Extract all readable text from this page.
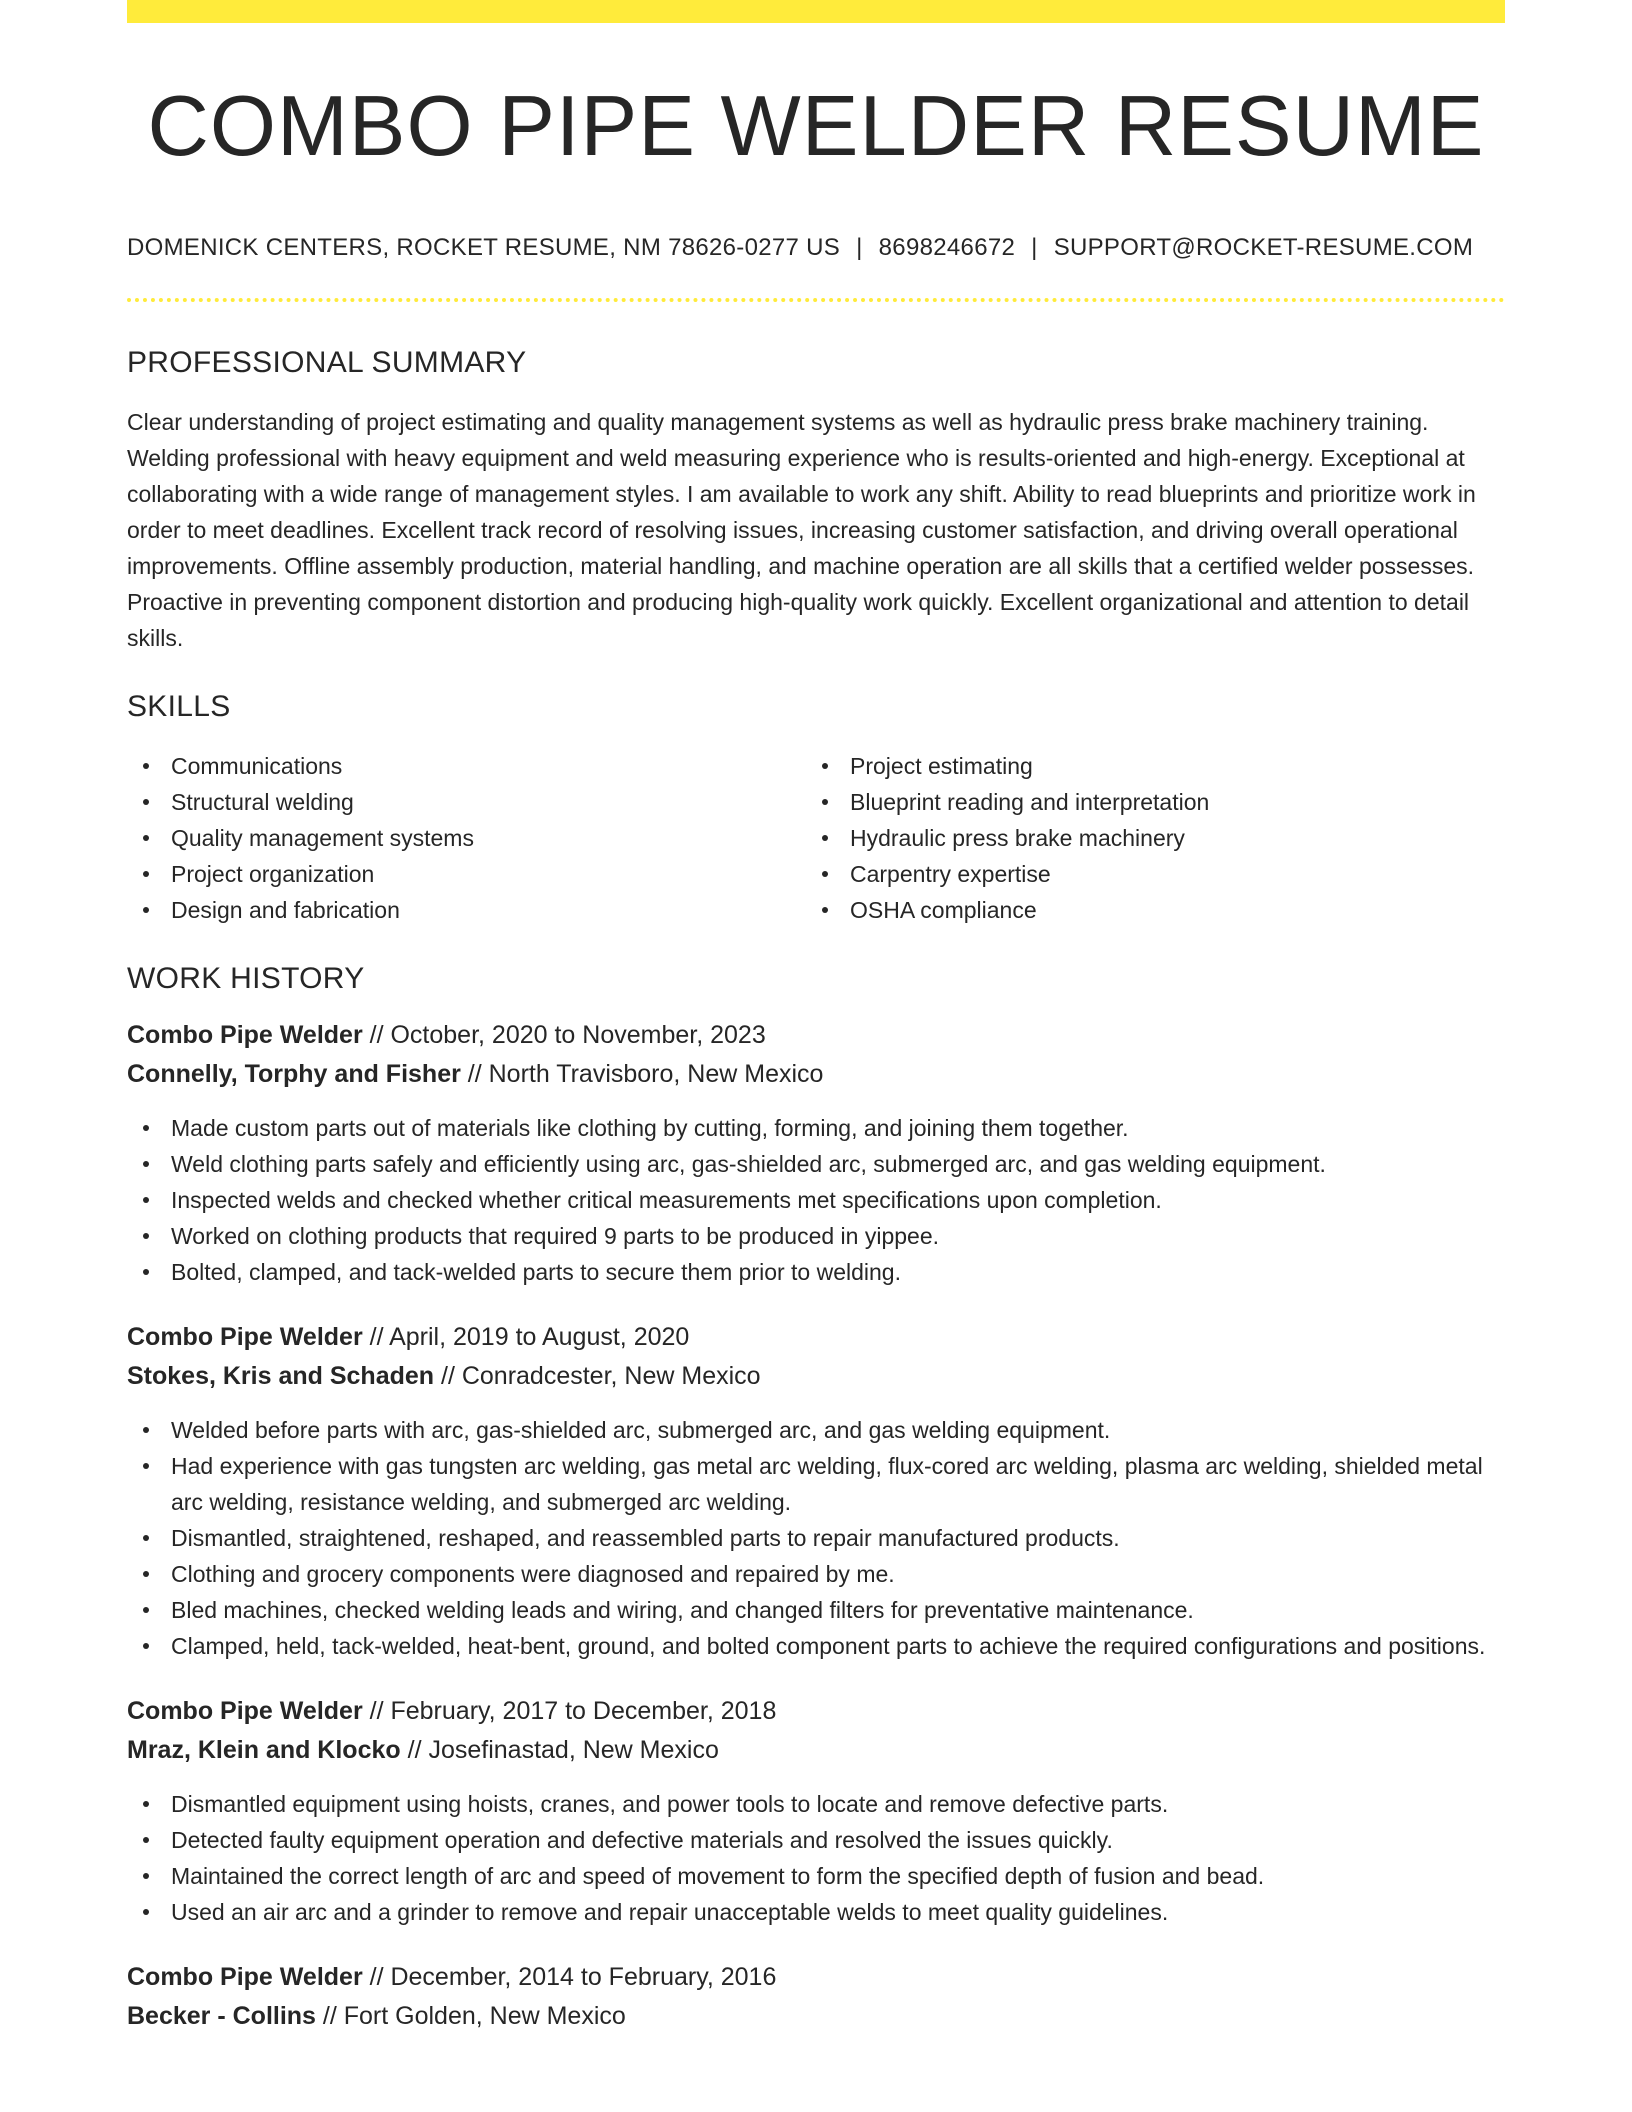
COMBO PIPE WELDER RESUME
DOMENICK CENTERS, ROCKET RESUME, NM 78626-0277 US | 8698246672 | SUPPORT@ROCKET-RESUME.COM
PROFESSIONAL SUMMARY

Clear understanding of project estimating and quality management systems as well as hydraulic press brake machinery training. Welding professional with heavy equipment and weld measuring experience who is results-oriented and high-energy. Exceptional at collaborating with a wide range of management styles. I am available to work any shift. Ability to read blueprints and prioritize work in order to meet deadlines. Excellent track record of resolving issues, increasing customer satisfaction, and driving overall operational improvements. Offline assembly production, material handling, and machine operation are all skills that a certified welder possesses. Proactive in preventing component distortion and producing high-quality work quickly. Excellent organizational and attention to detail skills.

SKILLS
Communications
Structural welding
Quality management systems
Project organization
Design and fabrication
Project estimating
Blueprint reading and interpretation
Hydraulic press brake machinery
Carpentry expertise
OSHA compliance
WORK HISTORY
Combo Pipe Welder // October, 2020 to November, 2023
Connelly, Torphy and Fisher // North Travisboro, New Mexico
Made custom parts out of materials like clothing by cutting, forming, and joining them together.
Weld clothing parts safely and efficiently using arc, gas-shielded arc, submerged arc, and gas welding equipment.
Inspected welds and checked whether critical measurements met specifications upon completion.
Worked on clothing products that required 9 parts to be produced in yippee.
Bolted, clamped, and tack-welded parts to secure them prior to welding.
Combo Pipe Welder // April, 2019 to August, 2020
Stokes, Kris and Schaden // Conradcester, New Mexico
Welded before parts with arc, gas-shielded arc, submerged arc, and gas welding equipment.
Had experience with gas tungsten arc welding, gas metal arc welding, flux-cored arc welding, plasma arc welding, shielded metal arc welding, resistance welding, and submerged arc welding.
Dismantled, straightened, reshaped, and reassembled parts to repair manufactured products.
Clothing and grocery components were diagnosed and repaired by me.
Bled machines, checked welding leads and wiring, and changed filters for preventative maintenance.
Clamped, held, tack-welded, heat-bent, ground, and bolted component parts to achieve the required configurations and positions.
Combo Pipe Welder // February, 2017 to December, 2018
Mraz, Klein and Klocko // Josefinastad, New Mexico
Dismantled equipment using hoists, cranes, and power tools to locate and remove defective parts.
Detected faulty equipment operation and defective materials and resolved the issues quickly.
Maintained the correct length of arc and speed of movement to form the specified depth of fusion and bead.
Used an air arc and a grinder to remove and repair unacceptable welds to meet quality guidelines.
Combo Pipe Welder // December, 2014 to February, 2016
Becker - Collins // Fort Golden, New Mexico
